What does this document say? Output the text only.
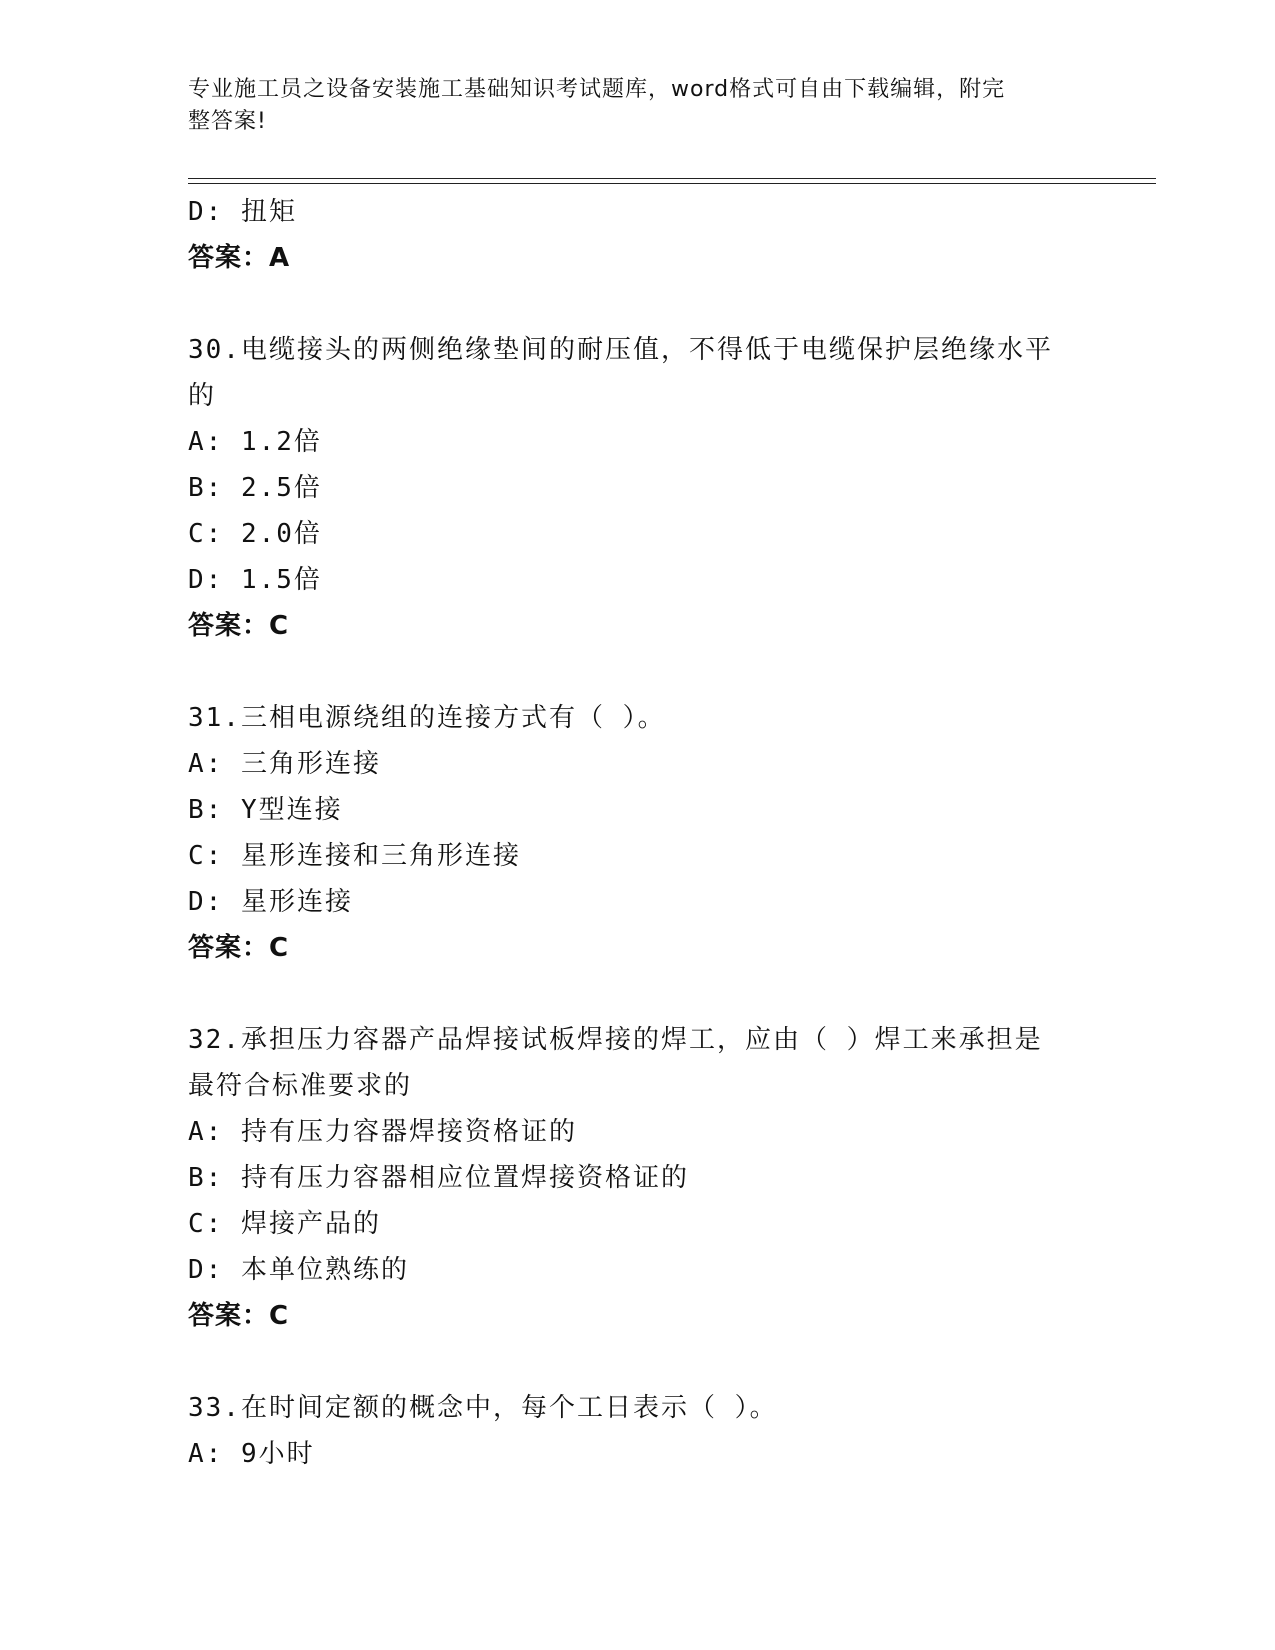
专业施工员之设备安装施工基础知识考试题库，word格式可自由下载编辑，附完
整答案!
D: 扭矩
答案：A
30.电缆接头的两侧绝缘垫间的耐压值，不得低于电缆保护层绝缘水平
的
A: 1.2倍
B: 2.5倍
C: 2.0倍
D: 1.5倍
答案：C
31.三相电源绕组的连接方式有（ ）。
A: 三角形连接
B: Y型连接
C: 星形连接和三角形连接
D: 星形连接
答案：C
32.承担压力容器产品焊接试板焊接的焊工，应由（ ）焊工来承担是
最符合标准要求的
A: 持有压力容器焊接资格证的
B: 持有压力容器相应位置焊接资格证的
C: 焊接产品的
D: 本单位熟练的
答案：C
33.在时间定额的概念中，每个工日表示（ ）。
A: 9小时
